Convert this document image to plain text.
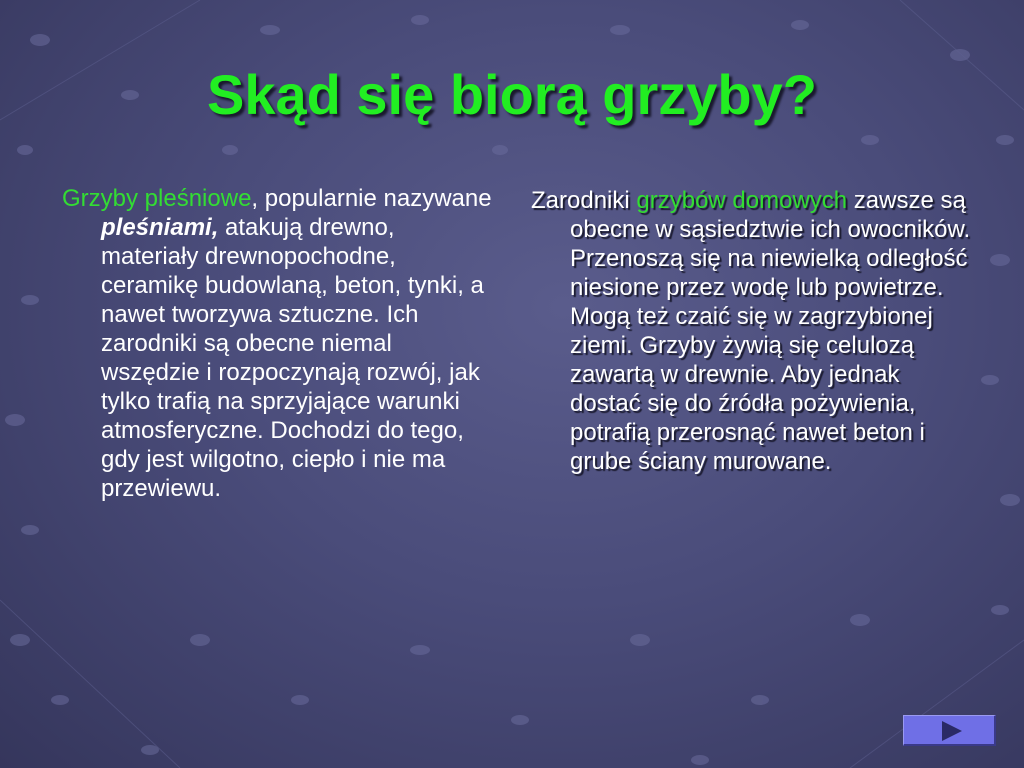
Skąd się biorą grzyby?

Grzyby pleśniowe, popularnie nazywane pleśniami, atakują drewno, materiały drewnopochodne, ceramikę budowlaną, beton, tynki, a nawet tworzywa sztuczne. Ich zarodniki są obecne niemal wszędzie i rozpoczynają rozwój, jak tylko trafią na sprzyjające warunki atmosferyczne. Dochodzi do tego, gdy jest wilgotno, ciepło i nie ma przewiewu.

Zarodniki grzybów domowych zawsze są obecne w sąsiedztwie ich owocników. Przenoszą się na niewielką odległość niesione przez wodę lub powietrze. Mogą też czaić się w zagrzybionej ziemi. Grzyby żywią się celulozą zawartą w drewnie. Aby jednak dostać się do źródła pożywienia, potrafią przerosnąć nawet beton i grube ściany murowane.
